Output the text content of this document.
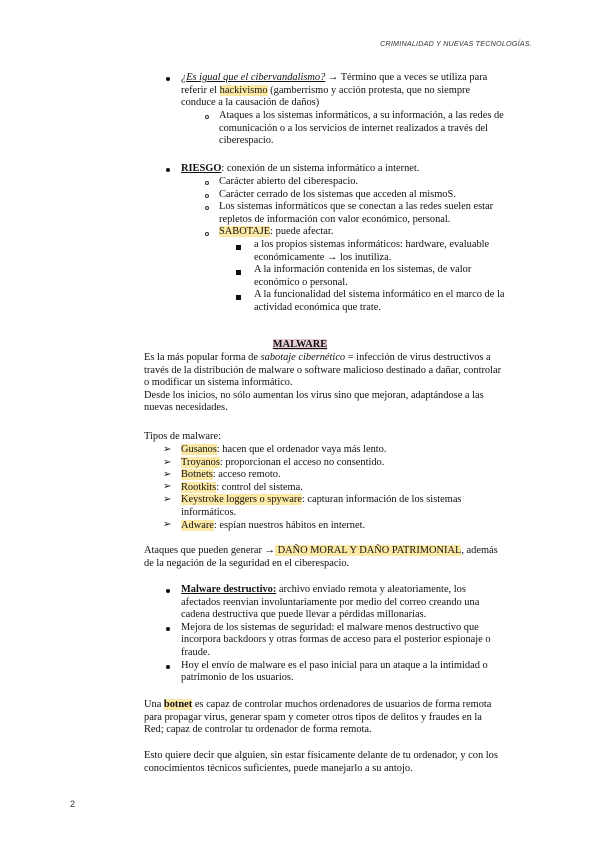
CRIMINALIDAD Y NUEVAS TECNOLOGÍAS.
¿Es igual que el cibervandalismo? → Término que a veces se utiliza para
referir el hackivismo (gamberrismo y acción protesta, que no siempre
conduce a la causación de daños)
Ataques a los sistemas informáticos, a su información, a las redes de
comunicación o a los servicios de internet realizados a través del
ciberespacio.
RIESGO: conexión de un sistema informático a internet.
Carácter abierto del ciberespacio.
Carácter cerrado de los sistemas que acceden al mismoS.
Los sistemas informáticos que se conectan a las redes suelen estar
repletos de información con valor económico, personal.
SABOTAJE: puede afectar.
a los propios sistemas informáticos: hardware, evaluable
económicamente → los inutiliza.
A la información contenida en los sistemas, de valor
económico o personal.
A la funcionalidad del sistema informático en el marco de la
actividad económica que trate.
MALWARE
Es la más popular forma de sabotaje cibernético = infección de virus destructivos a
través de la distribución de malware o software malicioso destinado a dañar, controlar
o modificar un sistema informático.
Desde los inicios, no sólo aumentan los virus sino que mejoran, adaptándose a las
nuevas necesidades.
Tipos de malware:
➢
➢
➢
➢
➢
➢
Gusanos: hacen que el ordenador vaya más lento.
Troyanos: proporcionan el acceso no consentido.
Botnets: acceso remoto.
Rootkits: control del sistema.
Keystroke loggers o spyware: capturan información de los sistemas
informáticos.
Adware: espían nuestros hábitos en internet.
Ataques que pueden generar → DAÑO MORAL Y DAÑO PATRIMONIAL, además
de la negación de la seguridad en el ciberespacio.
Malware destructivo: archivo enviado remota y aleatoriamente, los
afectados reenvían involuntariamente por medio del correo creando una
cadena destructiva que puede llevar a pérdidas millonarias.
Mejora de los sistemas de seguridad: el malware menos destructivo que
incorpora backdoors y otras formas de acceso para el posterior espionaje o
fraude.
Hoy el envío de malware es el paso inicial para un ataque a la intimidad o
patrimonio de los usuarios.
Una botnet es capaz de controlar muchos ordenadores de usuarios de forma remota
para propagar virus, generar spam y cometer otros tipos de delitos y fraudes en la
Red; capaz de controlar tu ordenador de forma remota.
Esto quiere decir que alguien, sin estar físicamente delante de tu ordenador, y con los
conocimientos técnicos suficientes, puede manejarlo a su antojo.
2
